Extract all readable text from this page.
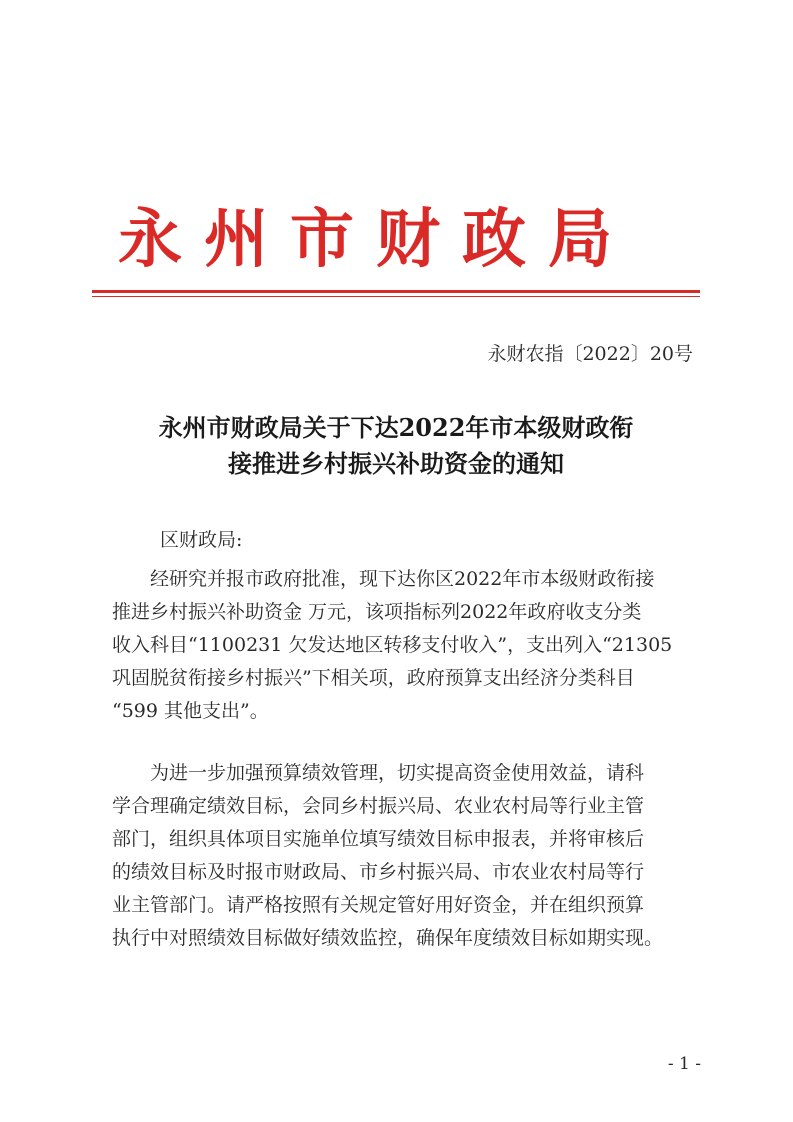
永州市财政局
永财农指〔2022〕20号
永州市财政局关于下达2022年市本级财政衔
接推进乡村振兴补助资金的通知
区财政局:
经研究并报市政府批准，现下达你区2022年市本级财政衔接
推进乡村振兴补助资金 万元，该项指标列2022年政府收支分类
收入科目“1100231 欠发达地区转移支付收入”，支出列入“21305
巩固脱贫衔接乡村振兴”下相关项，政府预算支出经济分类科目
“599 其他支出”。
为进一步加强预算绩效管理，切实提高资金使用效益，请科
学合理确定绩效目标，会同乡村振兴局、农业农村局等行业主管
部门，组织具体项目实施单位填写绩效目标申报表，并将审核后
的绩效目标及时报市财政局、市乡村振兴局、市农业农村局等行
业主管部门。请严格按照有关规定管好用好资金，并在组织预算
执行中对照绩效目标做好绩效监控，确保年度绩效目标如期实现。
- 1 -
